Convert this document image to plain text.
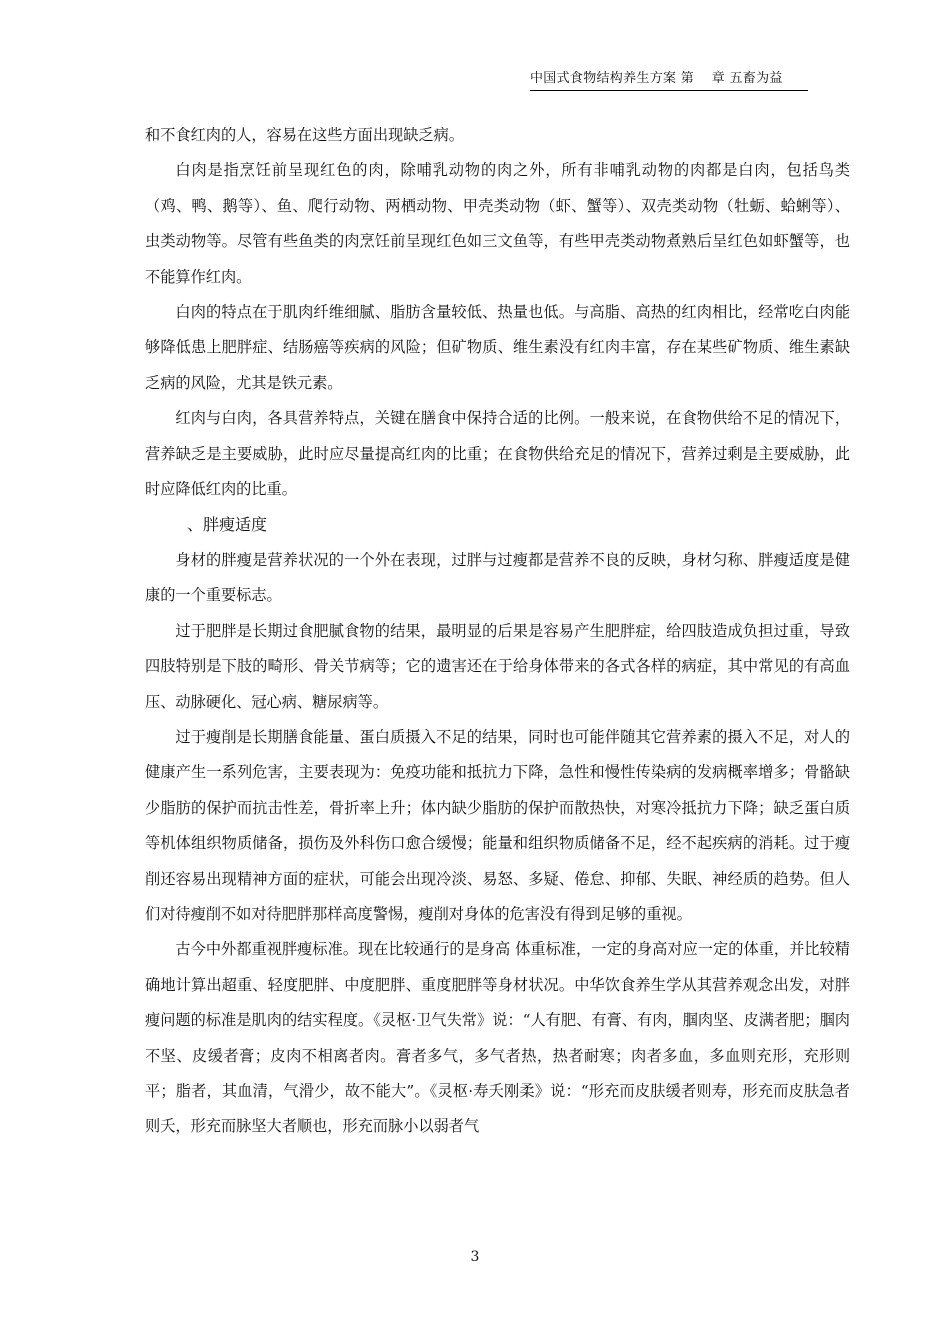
中国式食物结构养生方案 第　 章 五畜为益

和不食红肉的人，容易在这些方面出现缺乏病。

白肉是指烹饪前呈现红色的肉，除哺乳动物的肉之外，所有非哺乳动物的肉都是白肉，包括鸟类（鸡、鸭、鹅等）、鱼、爬行动物、两栖动物、甲壳类动物（虾、蟹等）、双壳类动物（牡蛎、蛤蜊等）、虫类动物等。尽管有些鱼类的肉烹饪前呈现红色如三文鱼等，有些甲壳类动物煮熟后呈红色如虾蟹等，也不能算作红肉。

白肉的特点在于肌肉纤维细腻、脂肪含量较低、热量也低。与高脂、高热的红肉相比，经常吃白肉能够降低患上肥胖症、结肠癌等疾病的风险；但矿物质、维生素没有红肉丰富，存在某些矿物质、维生素缺乏病的风险，尤其是铁元素。

红肉与白肉，各具营养特点，关键在膳食中保持合适的比例。一般来说，在食物供给不足的情况下，营养缺乏是主要威胁，此时应尽量提高红肉的比重；在食物供给充足的情况下，营养过剩是主要威胁，此时应降低红肉的比重。

、胖瘦适度

身材的胖瘦是营养状况的一个外在表现，过胖与过瘦都是营养不良的反映，身材匀称、胖瘦适度是健康的一个重要标志。

过于肥胖是长期过食肥腻食物的结果，最明显的后果是容易产生肥胖症，给四肢造成负担过重，导致四肢特别是下肢的畸形、骨关节病等；它的遗害还在于给身体带来的各式各样的病症，其中常见的有高血压、动脉硬化、冠心病、糖尿病等。

过于瘦削是长期膳食能量、蛋白质摄入不足的结果，同时也可能伴随其它营养素的摄入不足，对人的健康产生一系列危害，主要表现为：免疫功能和抵抗力下降，急性和慢性传染病的发病概率增多；骨骼缺少脂肪的保护而抗击性差，骨折率上升；体内缺少脂肪的保护而散热快，对寒冷抵抗力下降；缺乏蛋白质等机体组织物质储备，损伤及外科伤口愈合缓慢；能量和组织物质储备不足，经不起疾病的消耗。过于瘦削还容易出现精神方面的症状，可能会出现冷淡、易怒、多疑、倦怠、抑郁、失眠、神经质的趋势。但人们对待瘦削不如对待肥胖那样高度警惕，瘦削对身体的危害没有得到足够的重视。

古今中外都重视胖瘦标准。现在比较通行的是身高 体重标准，一定的身高对应一定的体重，并比较精确地计算出超重、轻度肥胖、中度肥胖、重度肥胖等身材状况。中华饮食养生学从其营养观念出发，对胖瘦问题的标准是肌肉的结实程度。《灵枢·卫气失常》说：“人有肥、有膏、有肉，腘肉坚、皮满者肥；腘肉不坚、皮缓者膏；皮肉不相离者肉。膏者多气，多气者热，热者耐寒；肉者多血，多血则充形，充形则平；脂者，其血清，气滑少，故不能大”。《灵枢·寿夭刚柔》说：“形充而皮肤缓者则寿，形充而皮肤急者则夭，形充而脉坚大者顺也，形充而脉小以弱者气

3
